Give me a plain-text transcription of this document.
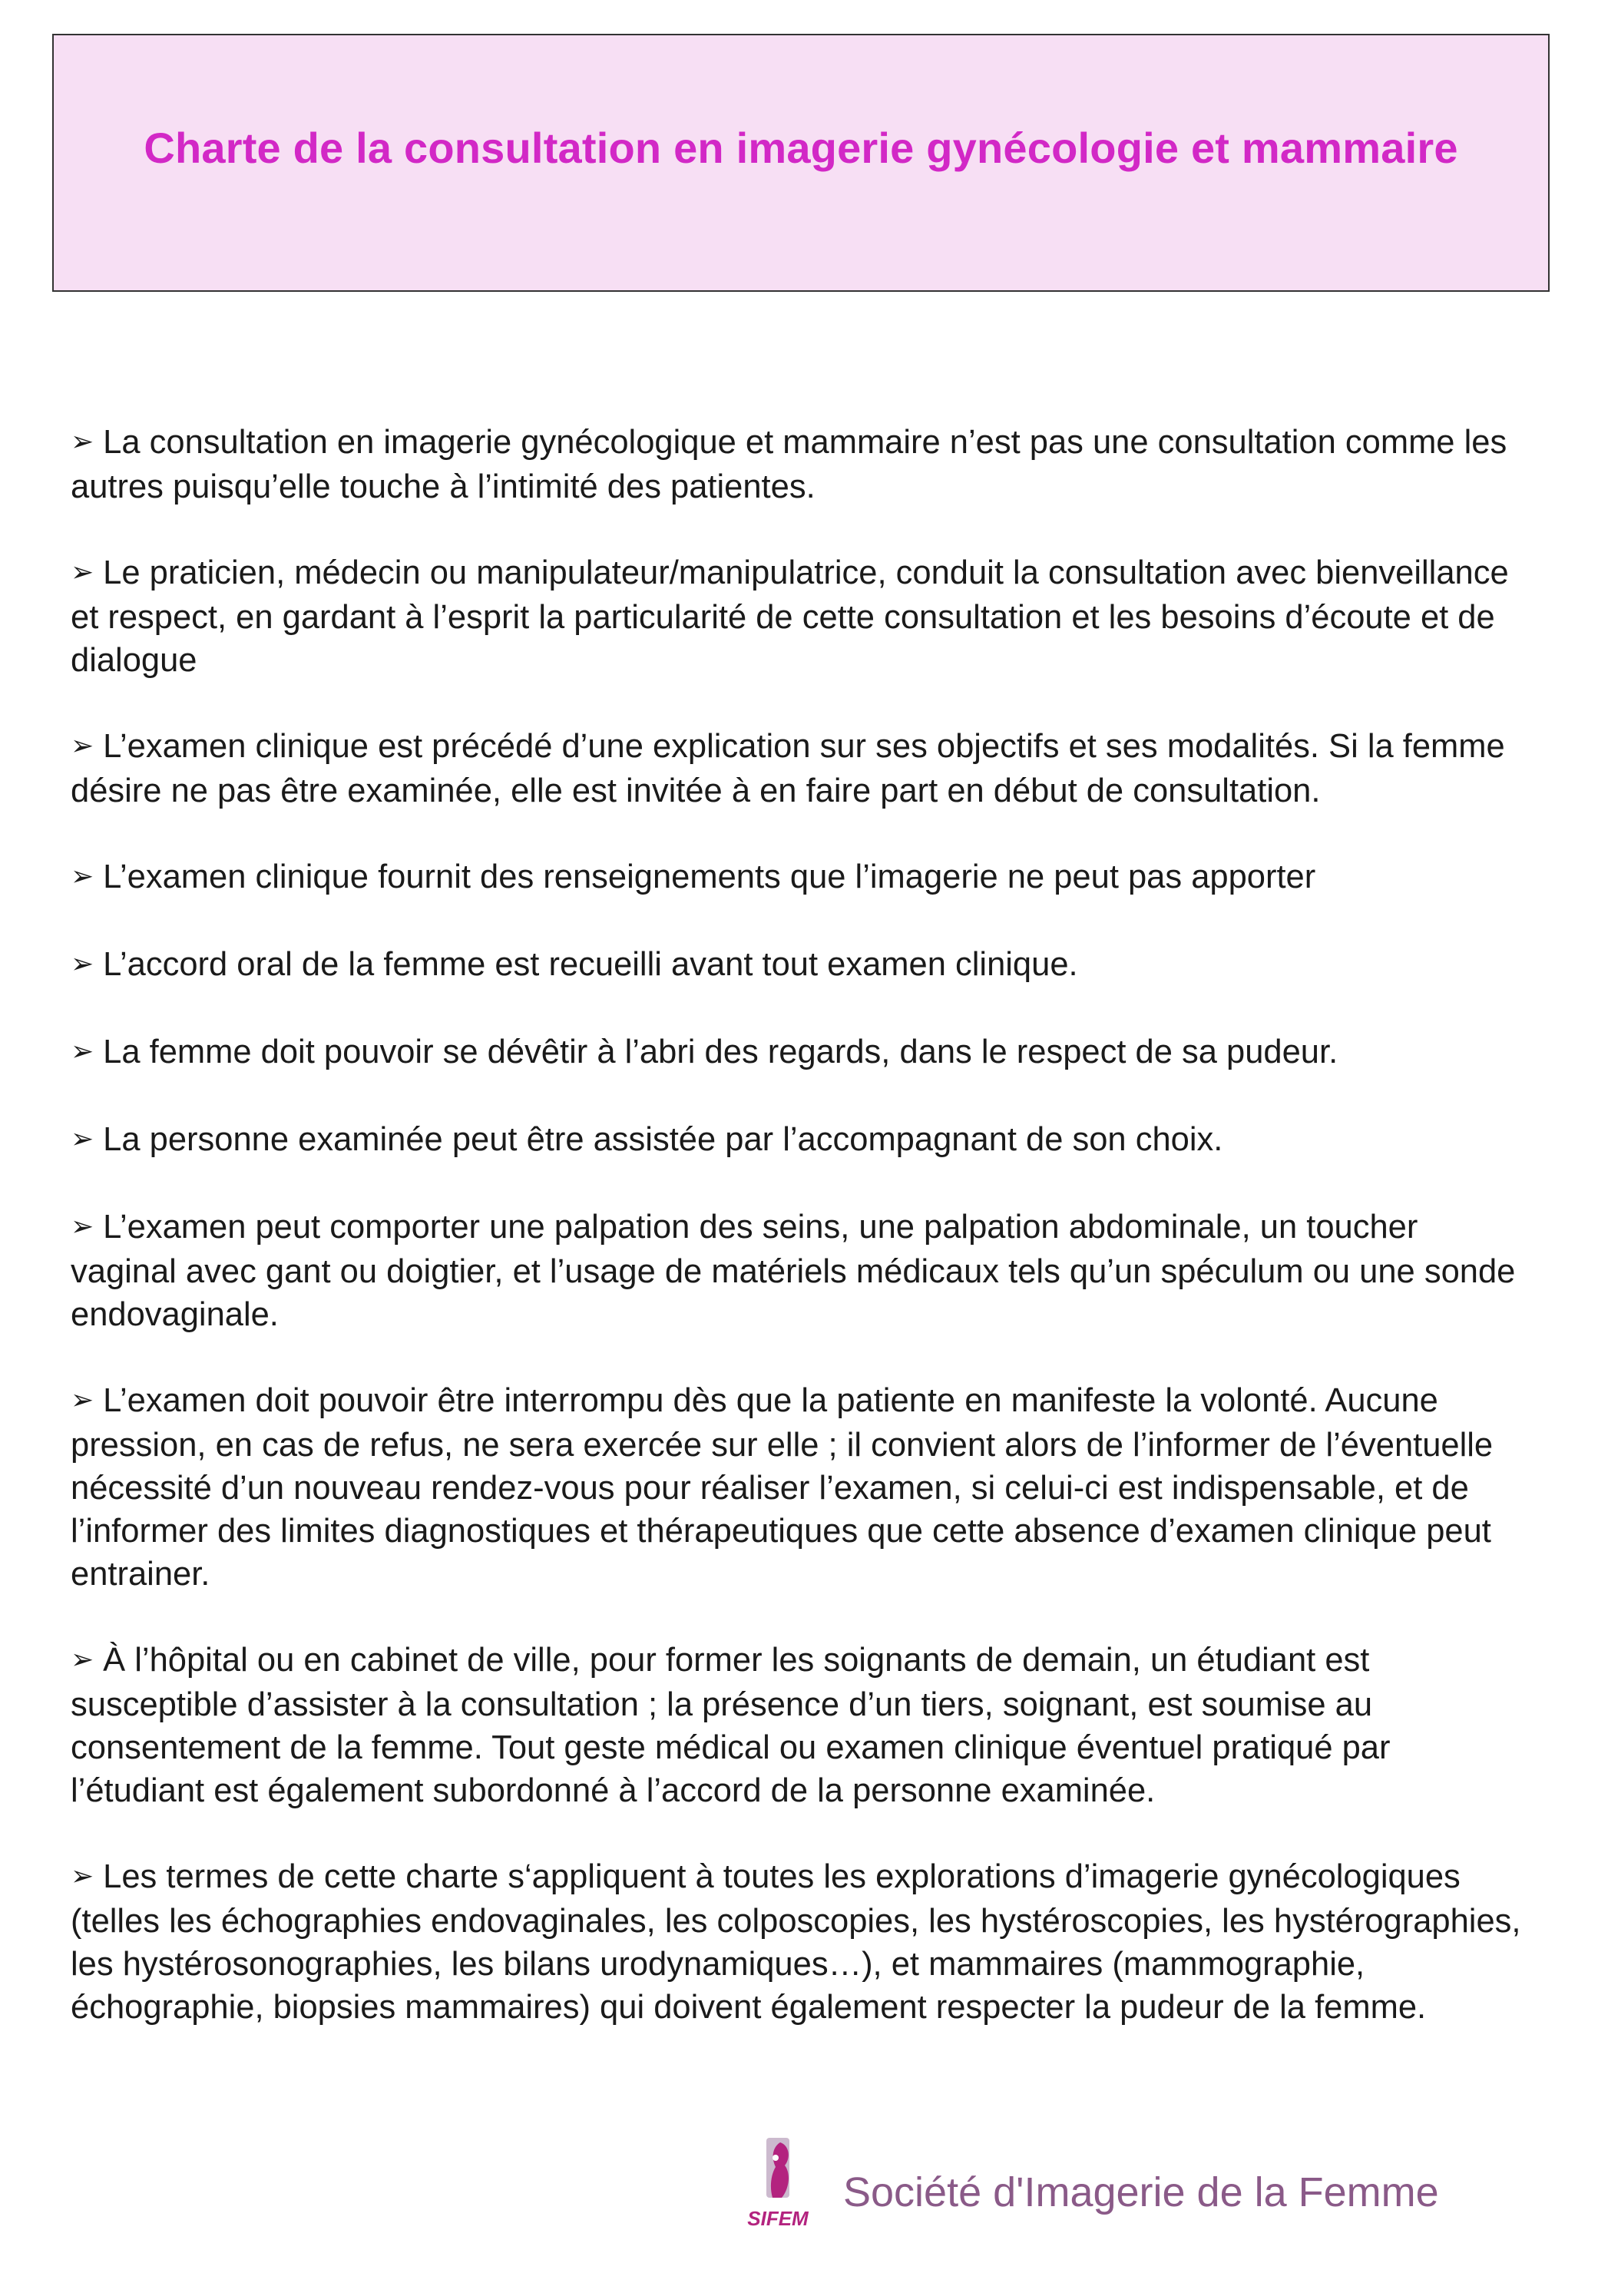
Charte de la consultation en imagerie gynécologie et mammaire

➢ La consultation en imagerie gynécologique et mammaire n’est pas une consultation comme les autres puisqu’elle touche à l’intimité des patientes.

➢ Le praticien, médecin ou manipulateur/manipulatrice, conduit la consultation avec bienveillance et respect, en gardant à l’esprit la particularité de cette consultation et les besoins d’écoute et de dialogue

➢ L’examen clinique est précédé d’une explication sur ses objectifs et ses modalités. Si la femme désire ne pas être examinée, elle est invitée à en faire part en début de consultation.

➢ L’examen clinique fournit des renseignements que l’imagerie ne peut pas apporter

➢ L’accord oral de la femme est recueilli avant tout examen clinique.

➢ La femme doit pouvoir se dévêtir à l’abri des regards, dans le respect de sa pudeur.

➢ La personne examinée peut être assistée par l’accompagnant de son choix.

➢ L’examen peut comporter une palpation des seins, une palpation abdominale, un toucher vaginal avec gant ou doigtier, et l’usage de matériels médicaux tels qu’un spéculum ou une sonde endovaginale.

➢ L’examen doit pouvoir être interrompu dès que la patiente en manifeste la volonté. Aucune pression, en cas de refus, ne sera exercée sur elle ; il convient alors de l’informer de l’éventuelle nécessité d’un nouveau rendez-vous pour réaliser l’examen, si celui-ci est indispensable, et de l’informer des limites diagnostiques et thérapeutiques que cette absence d’examen clinique peut entrainer.

➢ À l’hôpital ou en cabinet de ville, pour former les soignants de demain, un étudiant est susceptible d’assister à la consultation ; la présence d’un tiers, soignant, est soumise au consentement de la femme. Tout geste médical ou examen clinique éventuel pratiqué par l’étudiant est également subordonné à l’accord de la personne examinée.

➢ Les termes de cette charte s‘appliquent à toutes les explorations d’imagerie gynécologiques (telles les échographies endovaginales, les colposcopies, les hystéroscopies, les hystérographies, les hystérosonographies, les bilans urodynamiques…), et mammaires (mammographie, échographie, biopsies mammaires) qui doivent également respecter la pudeur de la femme.

SIFEM
Société d'Imagerie de la Femme
